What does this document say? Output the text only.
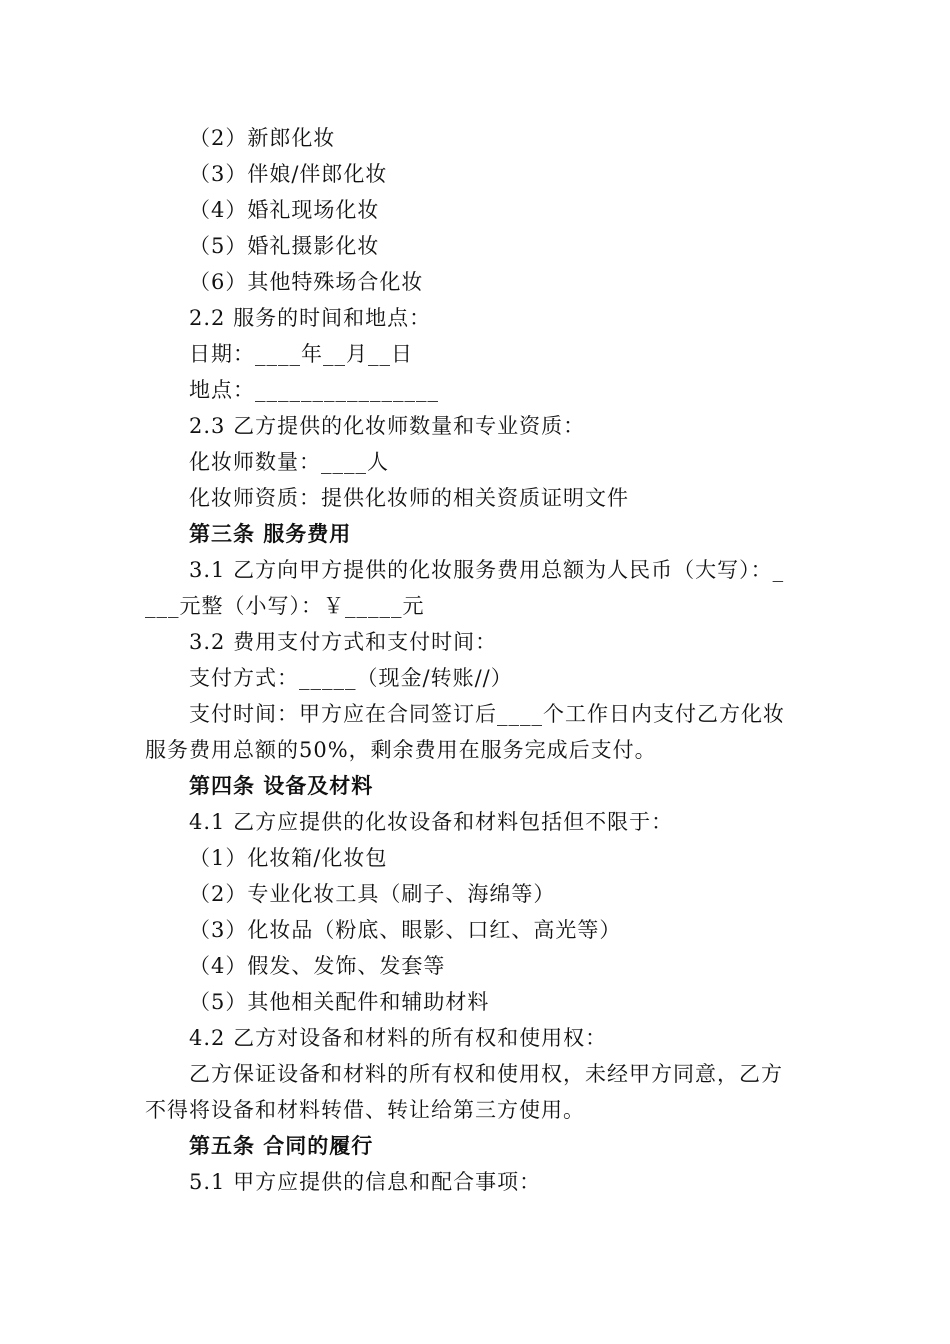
（2）新郎化妆
（3）伴娘/伴郎化妆
（4）婚礼现场化妆
（5）婚礼摄影化妆
（6）其他特殊场合化妆
2.2 服务的时间和地点：
日期：____年__月__日
地点：________________
2.3 乙方提供的化妆师数量和专业资质：
化妆师数量：____人
化妆师资质：提供化妆师的相关资质证明文件
第三条 服务费用
3.1 乙方向甲方提供的化妆服务费用总额为人民币（大写）：_
___元整（小写）：￥_____元
3.2 费用支付方式和支付时间：
支付方式：_____（现金/转账//）
支付时间：甲方应在合同签订后____个工作日内支付乙方化妆
服务费用总额的50%，剩余费用在服务完成后支付。
第四条 设备及材料
4.1 乙方应提供的化妆设备和材料包括但不限于：
（1）化妆箱/化妆包
（2）专业化妆工具（刷子、海绵等）
（3）化妆品（粉底、眼影、口红、高光等）
（4）假发、发饰、发套等
（5）其他相关配件和辅助材料
4.2 乙方对设备和材料的所有权和使用权：
乙方保证设备和材料的所有权和使用权，未经甲方同意，乙方
不得将设备和材料转借、转让给第三方使用。
第五条 合同的履行
5.1 甲方应提供的信息和配合事项：
